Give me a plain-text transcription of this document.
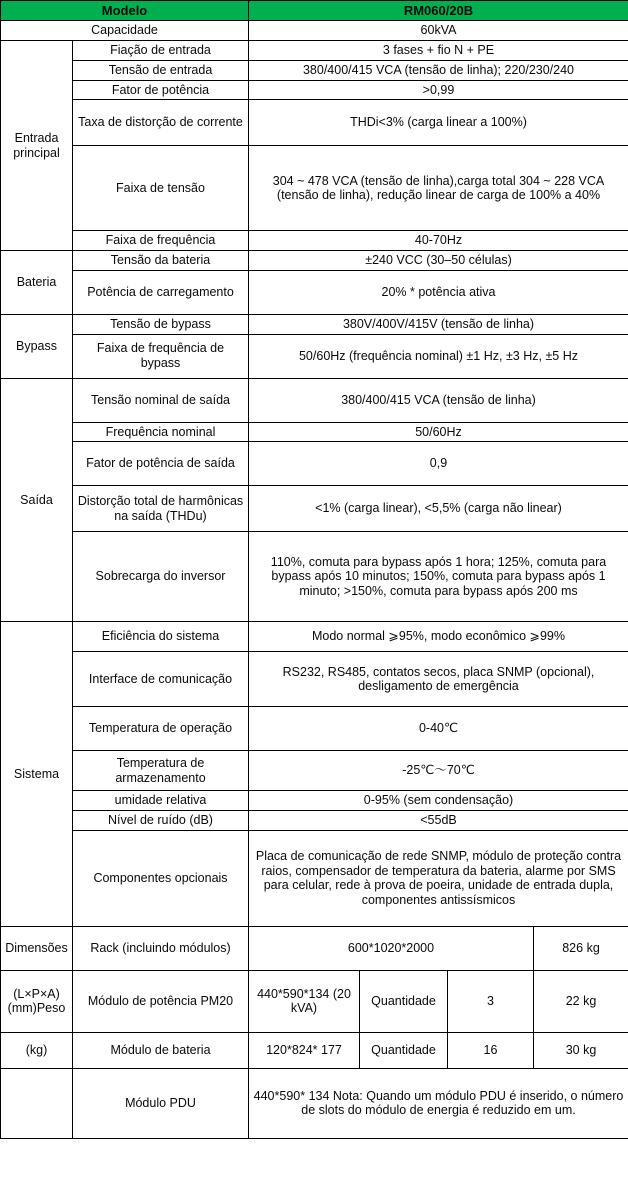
Modelo		RM060/20B			
Capacidade		60kVA			
Entrada principal	Fiação de entrada	3 fases + fio N + PE			
	Tensão de entrada	380/400/415 VCA (tensão de linha); 220/230/240			
	Fator de potência	>0,99			
	Taxa de distorção de corrente	THDi<3% (carga linear a 100%)			
	Faixa de tensão	304 ~ 478 VCA (tensão de linha),carga total 304 ~ 228 VCA (tensão de linha), redução linear de carga de 100% a 40%			
	Faixa de frequência	40-70Hz			
Bateria	Tensão da bateria	±240 VCC (30–50 células)			
	Potência de carregamento	20% * potência ativa			
Bypass	Tensão de bypass	380V/400V/415V (tensão de linha)			
	Faixa de frequência de bypass	50/60Hz (frequência nominal) ±1 Hz, ±3 Hz, ±5 Hz			
Saída	Tensão nominal de saída	380/400/415 VCA (tensão de linha)			
	Frequência nominal	50/60Hz			
	Fator de potência de saída	0,9			
	Distorção total de harmônicas na saída (THDu)	<1% (carga linear), <5,5% (carga não linear)			
	Sobrecarga do inversor	110%, comuta para bypass após 1 hora; 125%, comuta para bypass após 10 minutos; 150%, comuta para bypass após 1 minuto; >150%, comuta para bypass após 200 ms			
Sistema	Eficiência do sistema	Modo normal ⩾95%, modo econômico ⩾99%			
	Interface de comunicação	RS232, RS485, contatos secos, placa SNMP (opcional), desligamento de emergência			
	Temperatura de operação	0-40℃			
	Temperatura de armazenamento	-25℃～70℃			
	umidade relativa	0-95% (sem condensação)			
	Nível de ruído (dB)	<55dB			
	Componentes opcionais	Placa de comunicação de rede SNMP, módulo de proteção contra raios, compensador de temperatura da bateria, alarme por SMS para celular, rede à prova de poeira, unidade de entrada dupla, componentes antissísmicos			
Dimensões	Rack (incluindo módulos)	600*1020*2000			826 kg
(L×P×A)(mm)Peso	Módulo de potência PM20	440*590*134 (20 kVA)	Quantidade	3	22 kg
(kg)	Módulo de bateria	120*824* 177	Quantidade	16	30 kg
	Módulo PDU	440*590* 134 Nota: Quando um módulo PDU é inserido, o número de slots do módulo de energia é reduzido em um.			
